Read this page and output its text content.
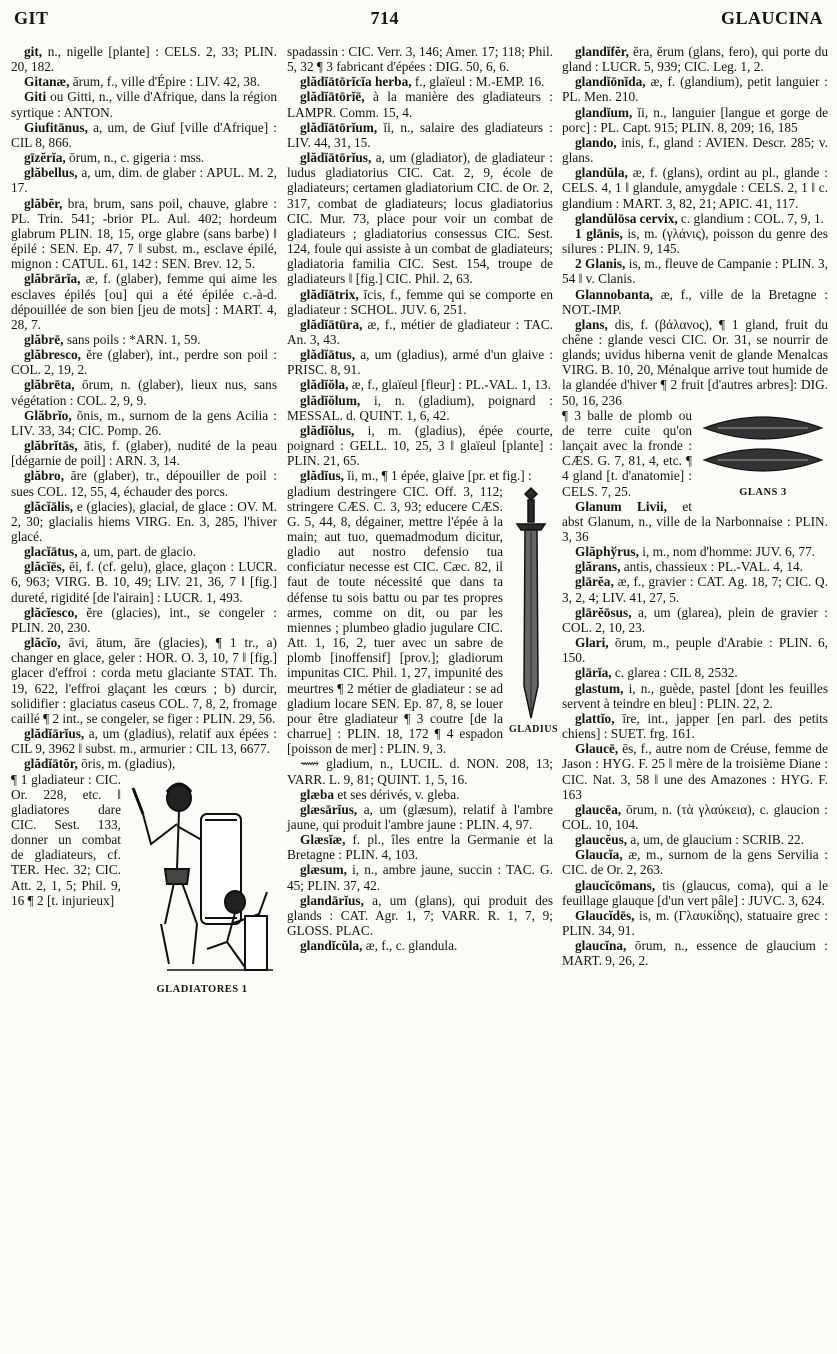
GIT	714	GLAUCINA

git, n., nigelle [plante] : CELS. 2, 33; PLIN. 20, 182.

Gitanæ, ārum, f., ville d'Épire : LIV. 42, 38.

Giti ou Gitti, n., ville d'Afrique, dans la région syrtique : ANTON.

Giufitānus, a, um, de Giuf [ville d'Afrique] : CIL 8, 866.

gīzĕrĭa, ōrum, n., c. gigeria : mss.

glăbellus, a, um, dim. de glaber : APUL. M. 2, 17.

glăbĕr, bra, brum, sans poil, chauve, glabre : PL. Trin. 541; -brior PL. Aul. 402; hordeum glabrum PLIN. 18, 15, orge glabre (sans barbe) ‖ épilé : SEN. Ep. 47, 7 ‖ subst. m., esclave épilé, mignon : CATUL. 61, 142 : SEN. Brev. 12, 5.

glăbrārĭa, æ, f. (glaber), femme qui aime les esclaves épilés [ou] qui a été épilée c.-à-d. dépouillée de son bien [jeu de mots] : MART. 4, 28, 7.

glăbrē, sans poils : *ARN. 1, 59.

glăbresco, ĕre (glaber), int., perdre son poil : COL. 2, 19, 2.

glăbrēta, ōrum, n. (glaber), lieux nus, sans végétation : COL. 2, 9, 9.

Glăbrĭo, ōnis, m., surnom de la gens Acilia : LIV. 33, 34; CIC. Pomp. 26.

glăbrĭtās, ātis, f. (glaber), nudité de la peau [dégarnie de poil] : ARN. 3, 14.

glăbro, āre (glaber), tr., dépouiller de poil : sues COL. 12, 55, 4, échauder des porcs.

glăcĭālis, e (glacies), glacial, de glace : OV. M. 2, 30; glacialis hiems VIRG. En. 3, 285, l'hiver glacé.

glacĭātus, a, um, part. de glacio.

glăcĭēs, ēi, f. (cf. gelu), glace, glaçon : LUCR. 6, 963; VIRG. B. 10, 49; LIV. 21, 36, 7 ‖ [fig.] dureté, rigidité [de l'airain] : LUCR. 1, 493.

glăcĭesco, ĕre (glacies), int., se congeler : PLIN. 20, 230.

glăcĭo, āvi, ātum, āre (glacies), ¶ 1 tr., a) changer en glace, geler : HOR. O. 3, 10, 7 ‖ [fig.] glacer d'effroi : corda metu glaciante STAT. Th. 19, 622, l'effroi glaçant les cœurs ; b) durcir, solidifier : glaciatus caseus COL. 7, 8, 2, fromage caillé ¶ 2 int., se congeler, se figer : PLIN. 29, 56.

glădĭārĭus, a, um (gladius), relatif aux épées : CIL 9, 3962 ‖ subst. m., armurier : CIL 13, 6677.

glădĭātŏr, ōris, m. (gladius),

GLADIATORES 1

¶ 1 gladiateur : CIC. Or. 228, etc. ‖ gladiatores dare CIC. Sest. 133, donner un combat de gladiateurs, cf. TER. Hec. 32; CIC. Att. 2, 1, 5; Phil. 9, 16 ¶ 2 [t. injurieux]

spadassin : CIC. Verr. 3, 146; Amer. 17; 118; Phil. 5, 32 ¶ 3 fabricant d'épées : DIG. 50, 6, 6.

glădĭātōrĭcĭa herba, f., glaïeul : M.-EMP. 16.

glădĭātōrĭē, à la manière des gladiateurs : LAMPR. Comm. 15, 4.

glădĭātōrĭum, ĭi, n., salaire des gladiateurs : LIV. 44, 31, 15.

glădĭātōrĭus, a, um (gladiator), de gladiateur : ludus gladiatorius CIC. Cat. 2, 9, école de gladiateurs; certamen gladiatorium CIC. de Or. 2, 317, combat de gladiateurs; locus gladiatorius CIC. Mur. 73, place pour voir un combat de gladiateurs ; gladiatorius consessus CIC. Sest. 124, foule qui assiste à un combat de gladiateurs; gladiatoria familia CIC. Sest. 154, troupe de gladiateurs ‖ [fig.] CIC. Phil. 2, 63.

glădĭātrix, īcis, f., femme qui se comporte en gladiateur : SCHOL. JUV. 6, 251.

glădĭātūra, æ, f., métier de gladiateur : TAC. An. 3, 43.

glădĭātus, a, um (gladius), armé d'un glaive : PRISC. 8, 91.

glădĭŏla, æ, f., glaïeul [fleur] : PL.-VAL. 1, 13.

glădĭŏlum, i, n. (gladium), poignard : MESSAL. d. QUINT. 1, 6, 42.

glădĭŏlus, i, m. (gladius), épée courte, poignard : GELL. 10, 25, 3 ‖ glaïeul [plante] : PLIN. 21, 65.

glădĭus, ĭi, m., ¶ 1 épée, glaive [pr. et fig.] :

GLADIUS

gladium destringere CIC. Off. 3, 112; stringere CÆS. C. 3, 93; educere CÆS. G. 5, 44, 8, dégainer, mettre l'épée à la main; aut tuo, quemadmodum dicitur, gladio aut nostro defensio tua conficiatur necesse est CIC. Cæc. 82, il faut de toute nécessité que dans ta défense tu sois battu ou par tes propres armes, comme on dit, ou par les miennes ; plumbeo gladio jugulare CIC. Att. 1, 16, 2, tuer avec un sabre de plomb [inoffensif] [prov.]; gladiorum impunitas CIC. Phil. 1, 27, impunité des meurtres ¶ 2 métier de gladiateur : se ad gladium locare SEN. Ep. 87, 8, se louer pour être gladiateur ¶ 3 coutre [de la charrue] : PLIN. 18, 172 ¶ 4 espadon [poisson de mer] : PLIN. 9, 3.

⟿ gladium, n., LUCIL. d. NON. 208, 13; VARR. L. 9, 81; QUINT. 1, 5, 16.

glæba et ses dérivés, v. gleba.

glæsārĭus, a, um (glæsum), relatif à l'ambre jaune, qui produit l'ambre jaune : PLIN. 4, 97.

Glæsĭæ, f. pl., îles entre la Germanie et la Bretagne : PLIN. 4, 103.

glæsum, i, n., ambre jaune, succin : TAC. G. 45; PLIN. 37, 42.

glandārĭus, a, um (glans), qui produit des glands : CAT. Agr. 1, 7; VARR. R. 1, 7, 9; GLOSS. PLAC.

glandĭcŭla, æ, f., c. glandula.

glandĭfĕr, ĕra, ĕrum (glans, fero), qui porte du gland : LUCR. 5, 939; CIC. Leg. 1, 2.

glandĭōnĭda, æ, f. (glandium), petit languier : PL. Men. 210.

glandĭum, ĭi, n., languier [langue et gorge de porc] : PL. Capt. 915; PLIN. 8, 209; 16, 185

glando, inis, f., gland : AVIEN. Descr. 285; v. glans.

glandŭla, æ, f. (glans), ordint au pl., glande : CELS. 4, 1 ‖ glandule, amygdale : CELS. 2, 1 ‖ c. glandium : MART. 3, 82, 21; APIC. 41, 117.

glandŭlōsa cervix, c. glandium : COL. 7, 9, 1.

1 glānis, is, m. (γλάνις), poisson du genre des silures : PLIN. 9, 145.

2 Glanis, is, m., fleuve de Campanie : PLIN. 3, 54 ‖ v. Clanis.

Glannobanta, æ, f., ville de la Bretagne : NOT.-IMP.

glans, dis, f. (βάλανος), ¶ 1 gland, fruit du chêne : glande vesci CIC. Or. 31, se nourrir de glands; uvidus hiberna venit de glande Menalcas VIRG. B. 10, 20, Ménalque arrive tout humide de la glandée d'hiver ¶ 2 fruit [d'autres arbres]: DIG. 50, 16, 236

GLANS 3

¶ 3 balle de plomb ou de terre cuite qu'on lançait avec la fronde : CÆS. G. 7, 81, 4, etc. ¶ 4 gland [t. d'anatomie] : CELS. 7, 25.

Glanum Livii, et abst Glanum, n., ville de la Narbonnaise : PLIN. 3, 36

Glăphўrus, i, m., nom d'homme: JUV. 6, 77.

glărans, antis, chassieux : PL.-VAL. 4, 14.

glārĕa, æ, f., gravier : CAT. Ag. 18, 7; CIC. Q. 3, 2, 4; LIV. 41, 27, 5.

glārĕōsus, a, um (glarea), plein de gravier : COL. 2, 10, 23.

Glari, ōrum, m., peuple d'Arabie : PLIN. 6, 150.

glārĭa, c. glarea : CIL 8, 2532.

glastum, i, n., guède, pastel [dont les feuilles servent à teindre en bleu] : PLIN. 22, 2.

glattĭo, īre, int., japper [en parl. des petits chiens] : SUET. frg. 161.

Glaucē, ēs, f., autre nom de Créuse, femme de Jason : HYG. F. 25 ‖ mère de la troisième Diane : CIC. Nat. 3, 58 ‖ une des Amazones : HYG. F. 163

glaucēa, ōrum, n. (τὰ γλαύκεια), c. glaucion : COL. 10, 104.

glaucĕus, a, um, de glaucium : SCRIB. 22.

Glaucĭa, æ, m., surnom de la gens Servilia : CIC. de Or. 2, 263.

glaucĭcōmans, tis (glaucus, coma), qui a le feuillage glauque [d'un vert pâle] : JUVC. 3, 624.

Glaucĭdēs, is, m. (Γλαυκίδης), statuaire grec : PLIN. 34, 91.

glaucĭna, ōrum, n., essence de glaucium : MART. 9, 26, 2.
